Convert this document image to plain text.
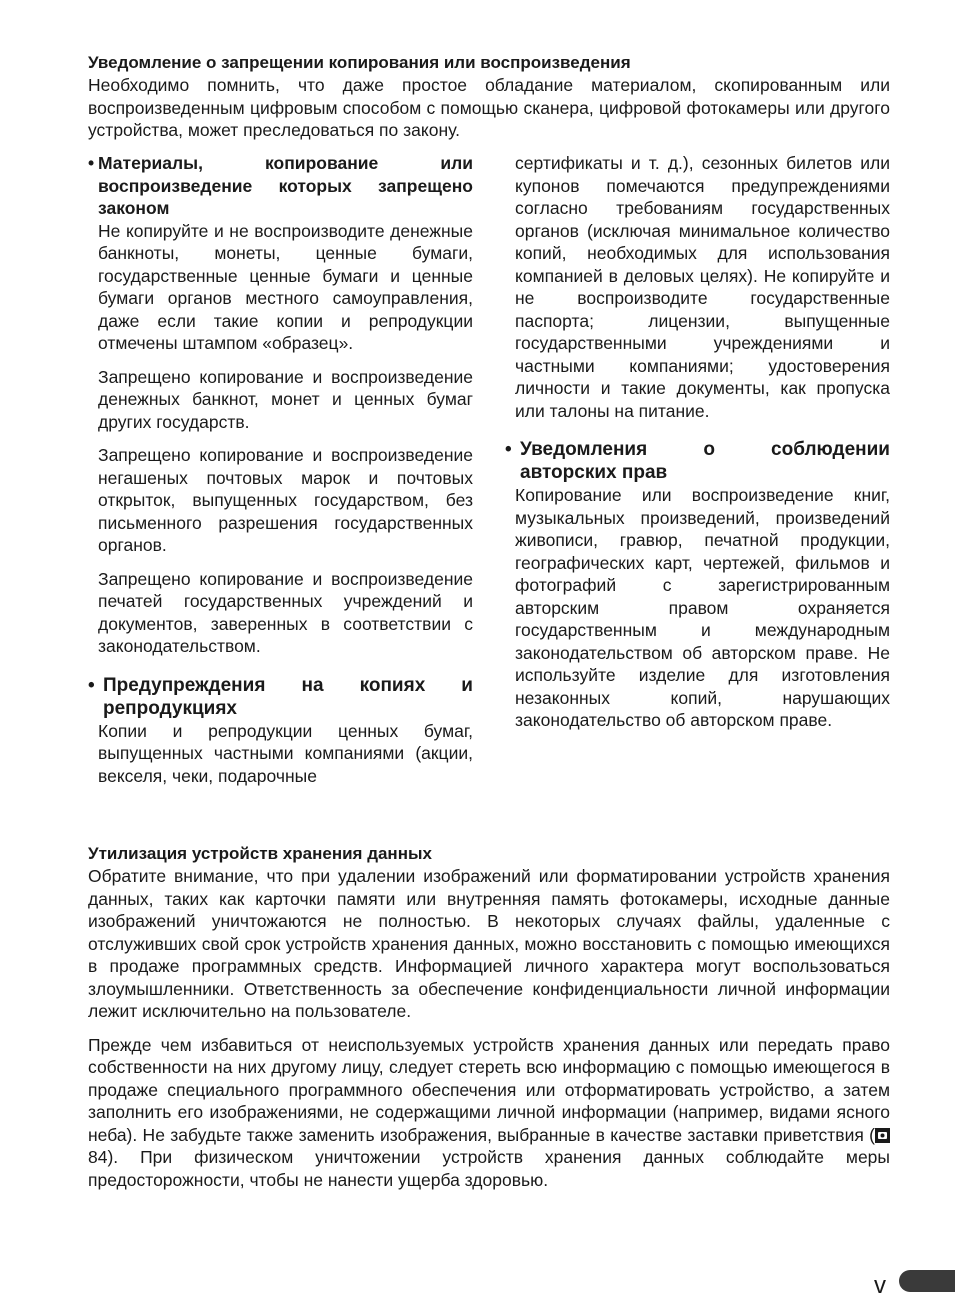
Уведомление о запрещении копирования или воспроизведения

Необходимо помнить, что даже простое обладание материалом, скопированным или воспроизведенным цифровым способом с помощью сканера, цифровой фотокамеры или другого устройства, может преследоваться по закону.

• Материалы, копирование или воспроизведение которых запрещено законом

Не копируйте и не воспроизводите денежные банкноты, монеты, ценные бумаги, государственные ценные бумаги и ценные бумаги органов местного самоуправления, даже если такие копии и репродукции отмечены штампом «образец».

Запрещено копирование и воспроизведение денежных банкнот, монет и ценных бумаг других государств.

Запрещено копирование и воспроизведение негашеных почтовых марок и почтовых открыток, выпущенных государством, без письменного разрешения государственных органов.

Запрещено копирование и воспроизведение печатей государственных учреждений и документов, заверенных в соответствии с законодательством.

• Предупреждения на копиях и репродукциях

Копии и репродукции ценных бумаг, выпущенных частными компаниями (акции, векселя, чеки, подарочные

сертификаты и т. д.), сезонных билетов или купонов помечаются предупреждениями согласно требованиям государственных органов (исключая минимальное количество копий, необходимых для использования компанией в деловых целях). Не копируйте и не воспроизводите государственные паспорта; лицензии, выпущенные государственными учреждениями и частными компаниями; удостоверения личности и такие документы, как пропуска или талоны на питание.

• Уведомления о соблюдении авторских прав

Копирование или воспроизведение книг, музыкальных произведений, произведений живописи, гравюр, печатной продукции, географических карт, чертежей, фильмов и фотографий с зарегистрированным авторским правом охраняется государственным и международным законодательством об авторском праве. Не используйте изделие для изготовления незаконных копий, нарушающих законодательство об авторском праве.

Утилизация устройств хранения данных

Обратите внимание, что при удалении изображений или форматировании устройств хранения данных, таких как карточки памяти или внутренняя память фотокамеры, исходные данные изображений уничтожаются не полностью. В некоторых случаях файлы, удаленные с отслуживших свой срок устройств хранения данных, можно восстановить с помощью имеющихся в продаже программных средств. Информацией личного характера могут воспользоваться злоумышленники. Ответственность за обеспечение конфиденциальности личной информации лежит исключительно на пользователе.

Прежде чем избавиться от неиспользуемых устройств хранения данных или передать право собственности на них другому лицу, следует стереть всю информацию с помощью имеющегося в продаже специального программного обеспечения или отформатировать устройство, а затем заполнить его изображениями, не содержащими личной информации (например, видами ясного неба). Не забудьте также заменить изображения, выбранные в качестве заставки приветствия (84). При физическом уничтожении устройств хранения данных соблюдайте меры предосторожности, чтобы не нанести ущерба здоровью.

v
